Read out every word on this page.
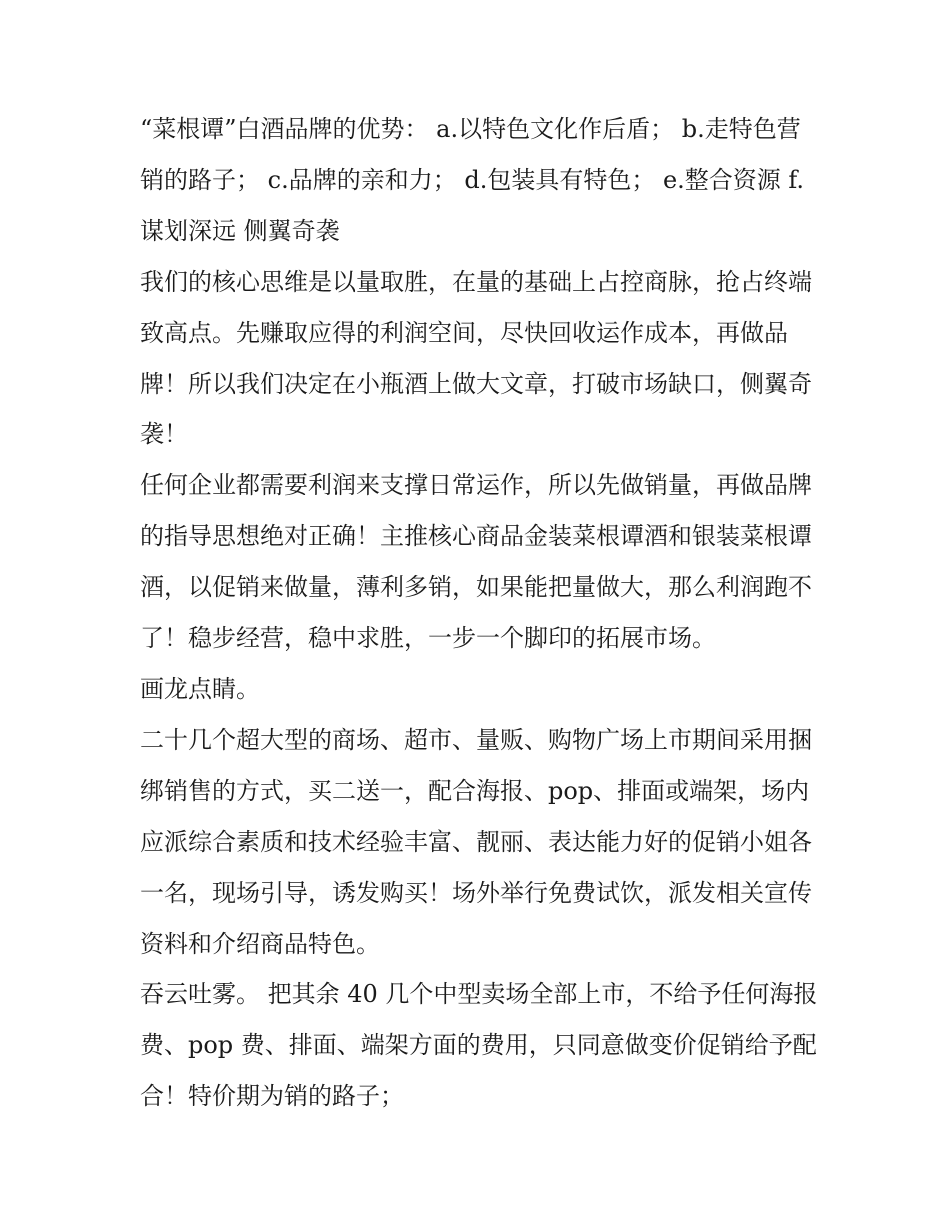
“菜根谭”白酒品牌的优势： a.以特色文化作后盾； b.走特色营销的路子； c.品牌的亲和力； d.包装具有特色； e.整合资源 f.谋划深远 侧翼奇袭

我们的核心思维是以量取胜，在量的基础上占控商脉，抢占终端致高点。先赚取应得的利润空间，尽快回收运作成本，再做品牌！所以我们决定在小瓶酒上做大文章，打破市场缺口，侧翼奇袭！

任何企业都需要利润来支撑日常运作，所以先做销量，再做品牌的指导思想绝对正确！主推核心商品金装菜根谭酒和银装菜根谭酒，以促销来做量，薄利多销，如果能把量做大，那么利润跑不了！稳步经营，稳中求胜，一步一个脚印的拓展市场。

画龙点睛。

二十几个超大型的商场、超市、量贩、购物广场上市期间采用捆绑销售的方式，买二送一，配合海报、pop、排面或端架，场内应派综合素质和技术经验丰富、靓丽、表达能力好的促销小姐各一名，现场引导，诱发购买！场外举行免费试饮，派发相关宣传资料和介绍商品特色。

吞云吐雾。 把其余 40 几个中型卖场全部上市，不给予任何海报费、pop 费、排面、端架方面的费用，只同意做变价促销给予配合！特价期为销的路子；
